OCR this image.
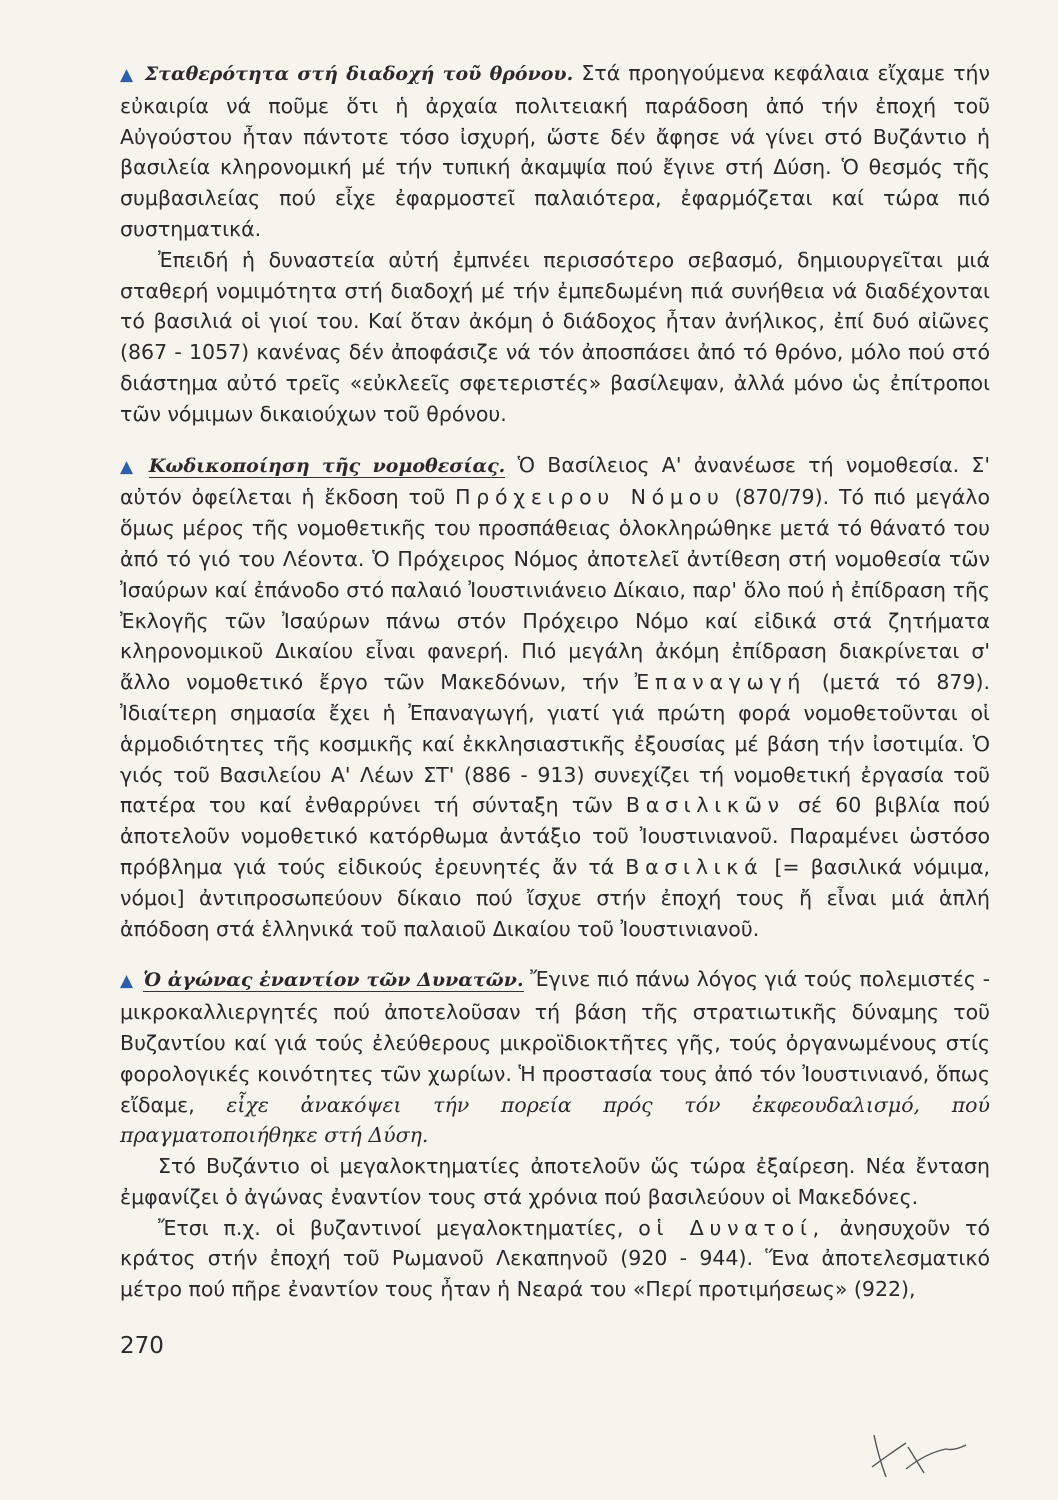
▲ Σταθερότητα στή διαδοχή τοῦ θρόνου. Στά προηγούμενα κεφάλαια εἴχαμε τήν εὐκαιρία νά ποῦμε ὅτι ἡ ἀρχαία πολιτειακή παράδοση ἀπό τήν ἐποχή τοῦ Αὐγούστου ἦταν πάντοτε τόσο ἰσχυρή, ὥστε δέν ἄφησε νά γίνει στό Βυζάντιο ἡ βασιλεία κληρονομική μέ τήν τυπική ἀκαμψία πού ἔγινε στή Δύση. Ὁ θεσμός τῆς συμβασιλείας πού εἶχε ἐφαρμοστεῖ παλαιότερα, ἐφαρμόζεται καί τώρα πιό συστηματικά.

Ἐπειδή ἡ δυναστεία αὐτή ἐμπνέει περισσότερο σεβασμό, δημιουργεῖται μιά σταθερή νομιμότητα στή διαδοχή μέ τήν ἐμπεδωμένη πιά συνήθεια νά διαδέχονται τό βασιλιά οἱ γιοί του. Καί ὅταν ἀκόμη ὁ διάδοχος ἦταν ἀνήλικος, ἐπί δυό αἰῶνες (867 - 1057) κανένας δέν ἀποφάσιζε νά τόν ἀποσπάσει ἀπό τό θρόνο, μόλο πού στό διάστημα αὐτό τρεῖς «εὐκλεεῖς σφετεριστές» βασίλεψαν, ἀλλά μόνο ὡς ἐπίτροποι τῶν νόμιμων δικαιούχων τοῦ θρόνου.

▲ Κωδικοποίηση τῆς νομοθεσίας. Ὁ Βασίλειος Α' ἀνανέωσε τή νομοθεσία. Σ' αὐτόν ὀφείλεται ἡ ἔκδοση τοῦ Πρόχειρου Νόμου (870/79). Τό πιό μεγάλο ὅμως μέρος τῆς νομοθετικῆς του προσπάθειας ὁλοκληρώθηκε μετά τό θάνατό του ἀπό τό γιό του Λέοντα. Ὁ Πρόχειρος Νόμος ἀποτελεῖ ἀντίθεση στή νομοθεσία τῶν Ἰσαύρων καί ἐπάνοδο στό παλαιό Ἰουστινιάνειο Δίκαιο, παρ' ὅλο πού ἡ ἐπίδραση τῆς Ἐκλογῆς τῶν Ἰσαύρων πάνω στόν Πρόχειρο Νόμο καί εἰδικά στά ζητήματα κληρονομικοῦ Δικαίου εἶναι φανερή. Πιό μεγάλη ἀκόμη ἐπίδραση διακρίνεται σ' ἄλλο νομοθετικό ἔργο τῶν Μακεδόνων, τήν Ἐπαναγωγή (μετά τό 879). Ἰδιαίτερη σημασία ἔχει ἡ Ἐπαναγωγή, γιατί γιά πρώτη φορά νομοθετοῦνται οἱ ἁρμοδιότητες τῆς κοσμικῆς καί ἐκκλησιαστικῆς ἐξουσίας μέ βάση τήν ἰσοτιμία. Ὁ γιός τοῦ Βασιλείου Α' Λέων ΣΤ' (886 - 913) συνεχίζει τή νομοθετική ἐργασία τοῦ πατέρα του καί ἐνθαρρύνει τή σύνταξη τῶν Βασιλικῶν σέ 60 βιβλία πού ἀποτελοῦν νομοθετικό κατόρθωμα ἀντάξιο τοῦ Ἰουστινιανοῦ. Παραμένει ὡστόσο πρόβλημα γιά τούς εἰδικούς ἐρευνητές ἄν τά Βασιλικά [= βασιλικά νόμιμα, νόμοι] ἀντιπροσωπεύουν δίκαιο πού ἴσχυε στήν ἐποχή τους ἤ εἶναι μιά ἁπλή ἀπόδοση στά ἑλληνικά τοῦ παλαιοῦ Δικαίου τοῦ Ἰουστινιανοῦ.

▲ Ὁ ἀγώνας ἐναντίον τῶν Δυνατῶν. Ἔγινε πιό πάνω λόγος γιά τούς πολεμιστές - μικροκαλλιεργητές πού ἀποτελοῦσαν τή βάση τῆς στρατιωτικῆς δύναμης τοῦ Βυζαντίου καί γιά τούς ἐλεύθερους μικροϊδιοκτῆτες γῆς, τούς ὀργανωμένους στίς φορολογικές κοινότητες τῶν χωρίων. Ἡ προστασία τους ἀπό τόν Ἰουστινιανό, ὅπως εἴδαμε, εἶχε ἀνακόψει τήν πορεία πρός τόν ἐκφεουδαλισμό, πού πραγματοποιήθηκε στή Δύση.

Στό Βυζάντιο οἱ μεγαλοκτηματίες ἀποτελοῦν ὥς τώρα ἐξαίρεση. Νέα ἔνταση ἐμφανίζει ὁ ἀγώνας ἐναντίον τους στά χρόνια πού βασιλεύουν οἱ Μακεδόνες.

Ἔτσι π.χ. οἱ βυζαντινοί μεγαλοκτηματίες, οἱ Δυνατοί, ἀνησυχοῦν τό κράτος στήν ἐποχή τοῦ Ρωμανοῦ Λεκαπηνοῦ (920 - 944). Ἕνα ἀποτελεσματικό μέτρο πού πῆρε ἐναντίον τους ἦταν ἡ Νεαρά του «Περί προτιμήσεως» (922),

270
